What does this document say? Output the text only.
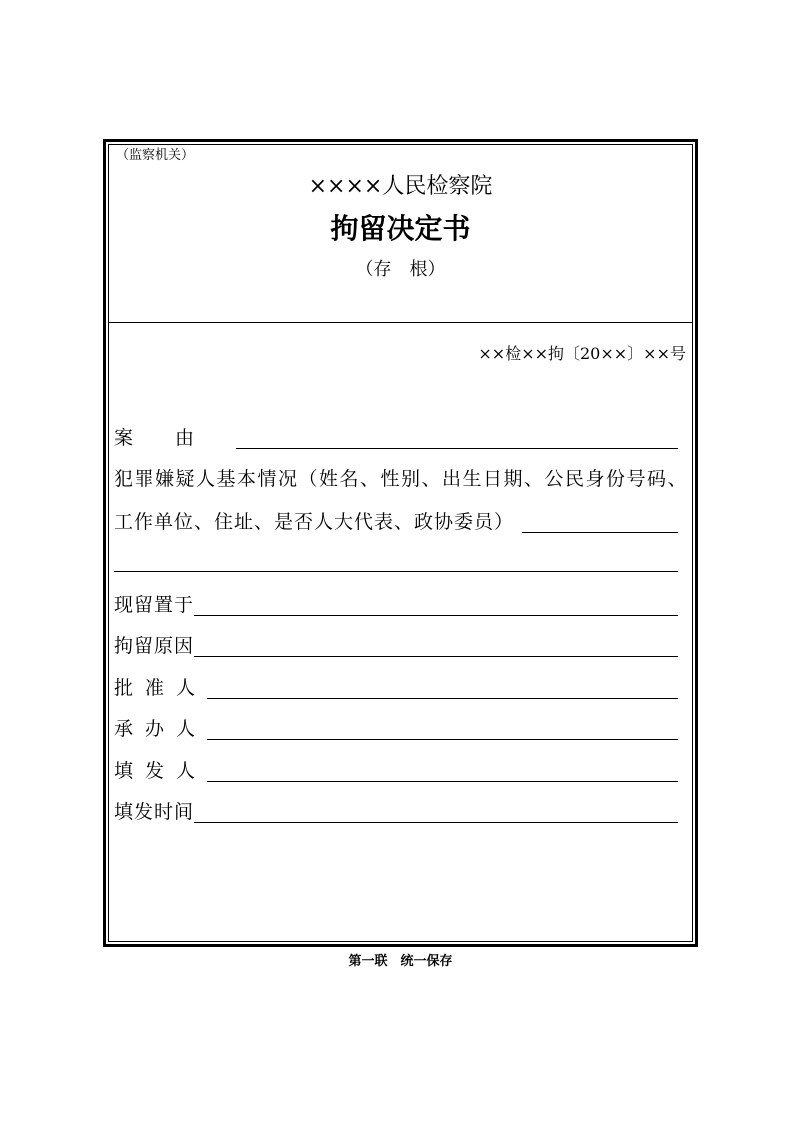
（监察机关）
××××人民检察院
拘留决定书
（存　根）
××检××拘〔20××〕××号
案由
犯罪嫌疑人基本情况（姓名、性别、出生日期、公民身份号码、
工作单位、住址、是否人大代表、政协委员）
现留置于
拘留原因
批准人
承办人
填发人
填发时间
第一联　统一保存
